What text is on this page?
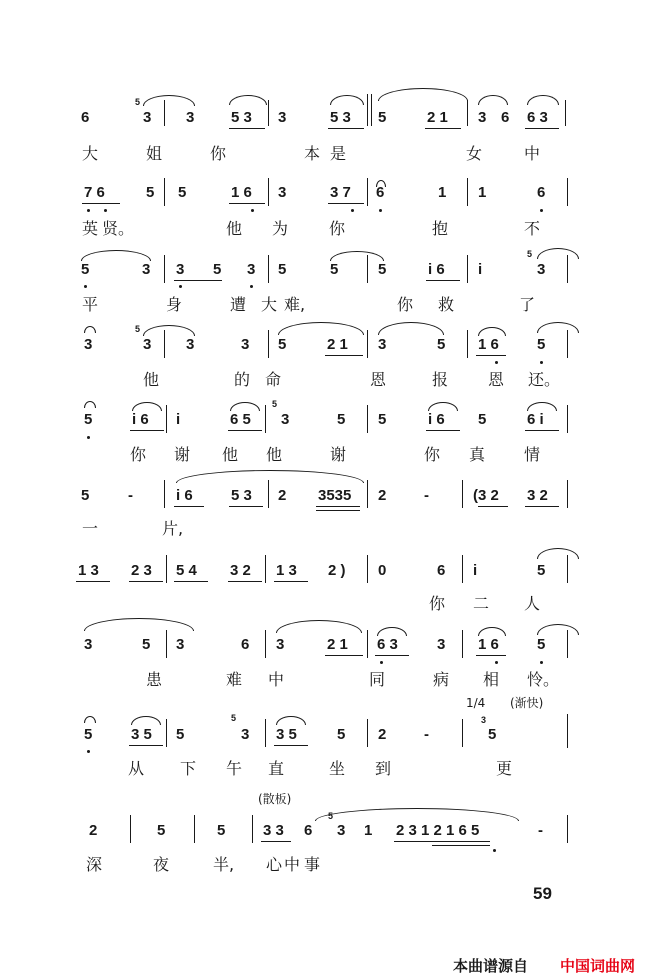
6
5
3 3 5 3 3	5 3 5	2 1 3 6 6 3
大	姐	你	本 是	女	中
7 6	5 5	1 6 3	3 7 6	1 1	6
英 贤。	他 为	你	抱	不
5	3 3 5 3 5	5	5	i 6 i
5
3
平	身	遭 大 难,	你 救	了
3
5
3 3	3 5	2 1 3	5 1 6	5
他	的 命	恩	报 恩 还。
5	i 6 i	6 5
5
3	5 5	i 6 5	6 i
你 谢 他 他	谢	你 真 情
5	-	i 6	5 3 2 3535 2	-	(3 2 3 2
一	片,
1 3 2 3 5 4 3 2 1 3 2 ) 0	6 i	5
你 二 人
3	5 3	6 3	2 1 6 3	3 1 6	5
患	难 中	同	病 相 怜。
1/4 (渐快)
5	3 5 5
5
3 3 5	5 2	-
3
5
从 下 午 直	坐 到	更
(散板)
2	5	5	3 3 6
5
3 1 2 3 1 2 1 6 5	-
深	夜	半, 心 中 事
59
本曲谱源自 中国词曲网
